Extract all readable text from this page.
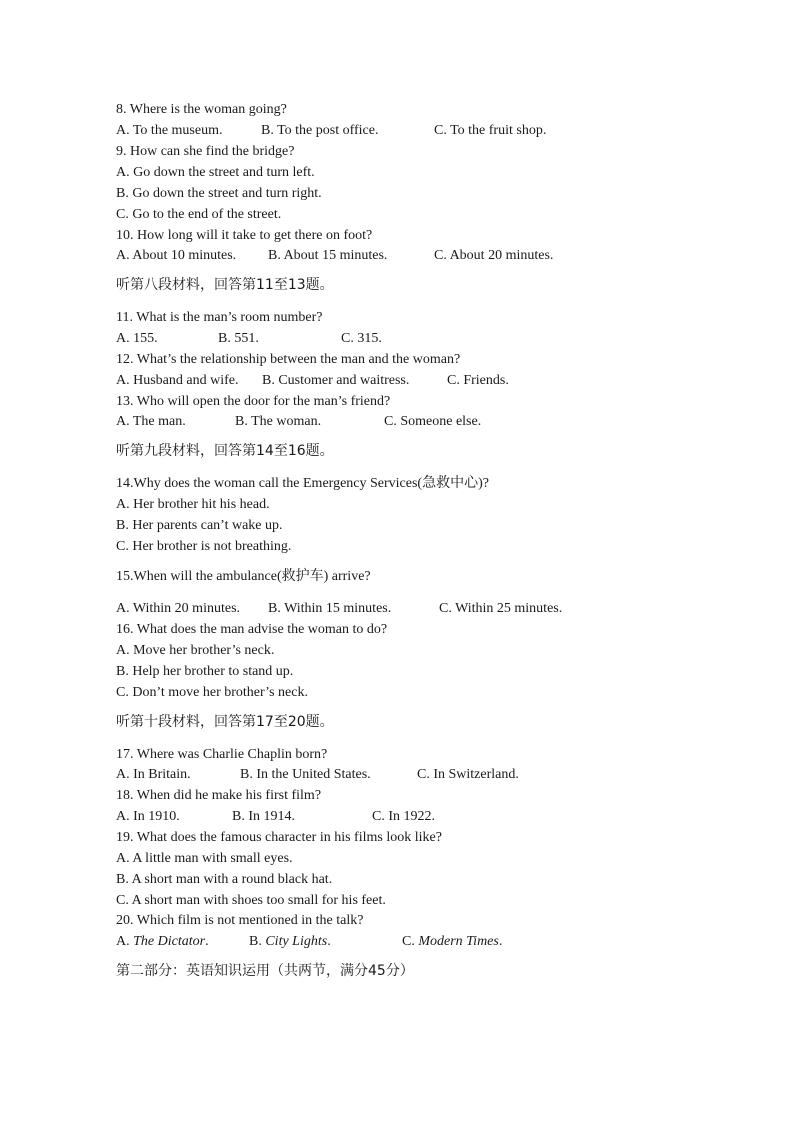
8. Where is the woman going?
A. To the museum.	B. To the post office.	C. To the fruit shop.
9. How can she find the bridge?
A. Go down the street and turn left.
B. Go down the street and turn right.
C. Go to the end of the street.
10. How long will it take to get there on foot?
A. About 10 minutes. B. About 15 minutes.	C. About 20 minutes.
听第八段材料，回答第11至13题。
11. What is the man’s room number?
A. 155.	B. 551.	C. 315.
12. What’s the relationship between the man and the woman?
A. Husband and wife. B. Customer and waitress.	C. Friends.
13. Who will open the door for the man’s friend?
A. The man.	B. The woman.	C. Someone else.
听第九段材料，回答第14至16题。
14.Why does the woman call the Emergency Services(急救中心)?
A. Her brother hit his head.
B. Her parents can’t wake up.
C. Her brother is not breathing.
15.When will the ambulance(救护车) arrive?
A. Within 20 minutes. B. Within 15 minutes.	C. Within 25 minutes.
16. What does the man advise the woman to do?
A. Move her brother’s neck.
B. Help her brother to stand up.
C. Don’t move her brother’s neck.
听第十段材料，回答第17至20题。
17. Where was Charlie Chaplin born?
A. In Britain.	B. In the United States.	C. In Switzerland.
18. When did he make his first film?
A. In 1910.	B. In 1914.	C. In 1922.
19. What does the famous character in his films look like?
A. A little man with small eyes.
B. A short man with a round black hat.
C. A short man with shoes too small for his feet.
20. Which film is not mentioned in the talk?
A. The Dictator.	B. City Lights.	C. Modern Times.
第二部分：英语知识运用（共两节，满分45分）
